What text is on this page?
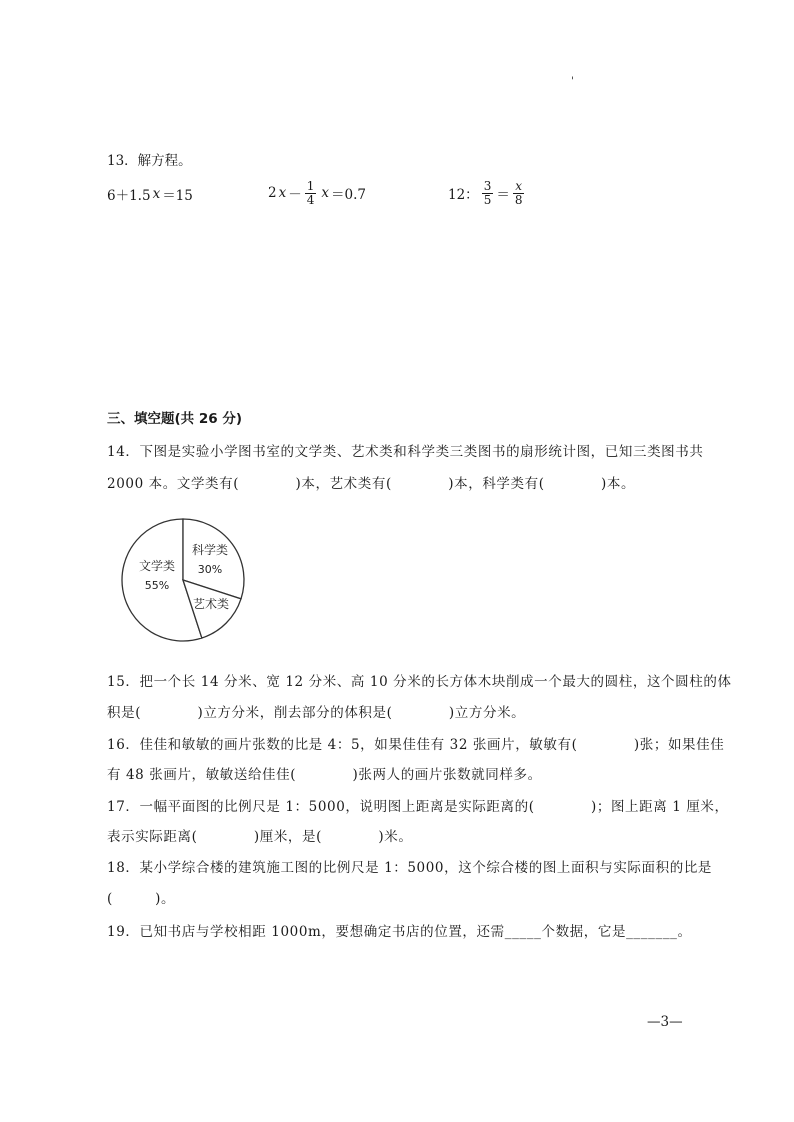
'
13．解方程。
6＋1.5 x ＝15	2 $x - \frac{1}{4}$ x ＝0.7	12： $\frac{3}{5} = \frac{x}{8}$
三、填空题(共 26 分)
14．下图是实验小学图书室的文学类、艺术类和科学类三类图书的扇形统计图，已知三类图书共
2000 本。文学类有(　　　　)本，艺术类有(　　　　)本，科学类有(　　　　)本。
文学类
55%
科学类
30%
艺术类
15．把一个长 14 分米、宽 12 分米、高 10 分米的长方体木块削成一个最大的圆柱，这个圆柱的体
积是(　　　　)立方分米，削去部分的体积是(　　　　)立方分米。
16．佳佳和敏敏的画片张数的比是 4：5，如果佳佳有 32 张画片，敏敏有(　　　　)张；如果佳佳
有 48 张画片，敏敏送给佳佳(　　　　)张两人的画片张数就同样多。
17．一幅平面图的比例尺是 1：5000，说明图上距离是实际距离的(　　　　)；图上距离 1 厘米，
表示实际距离(　　　　)厘米，是(　　　　)米。
18．某小学综合楼的建筑施工图的比例尺是 1：5000，这个综合楼的图上面积与实际面积的比是
(　　　)。
19．已知书店与学校相距 1000m，要想确定书店的位置，还需_____个数据，它是_______。
—3—
